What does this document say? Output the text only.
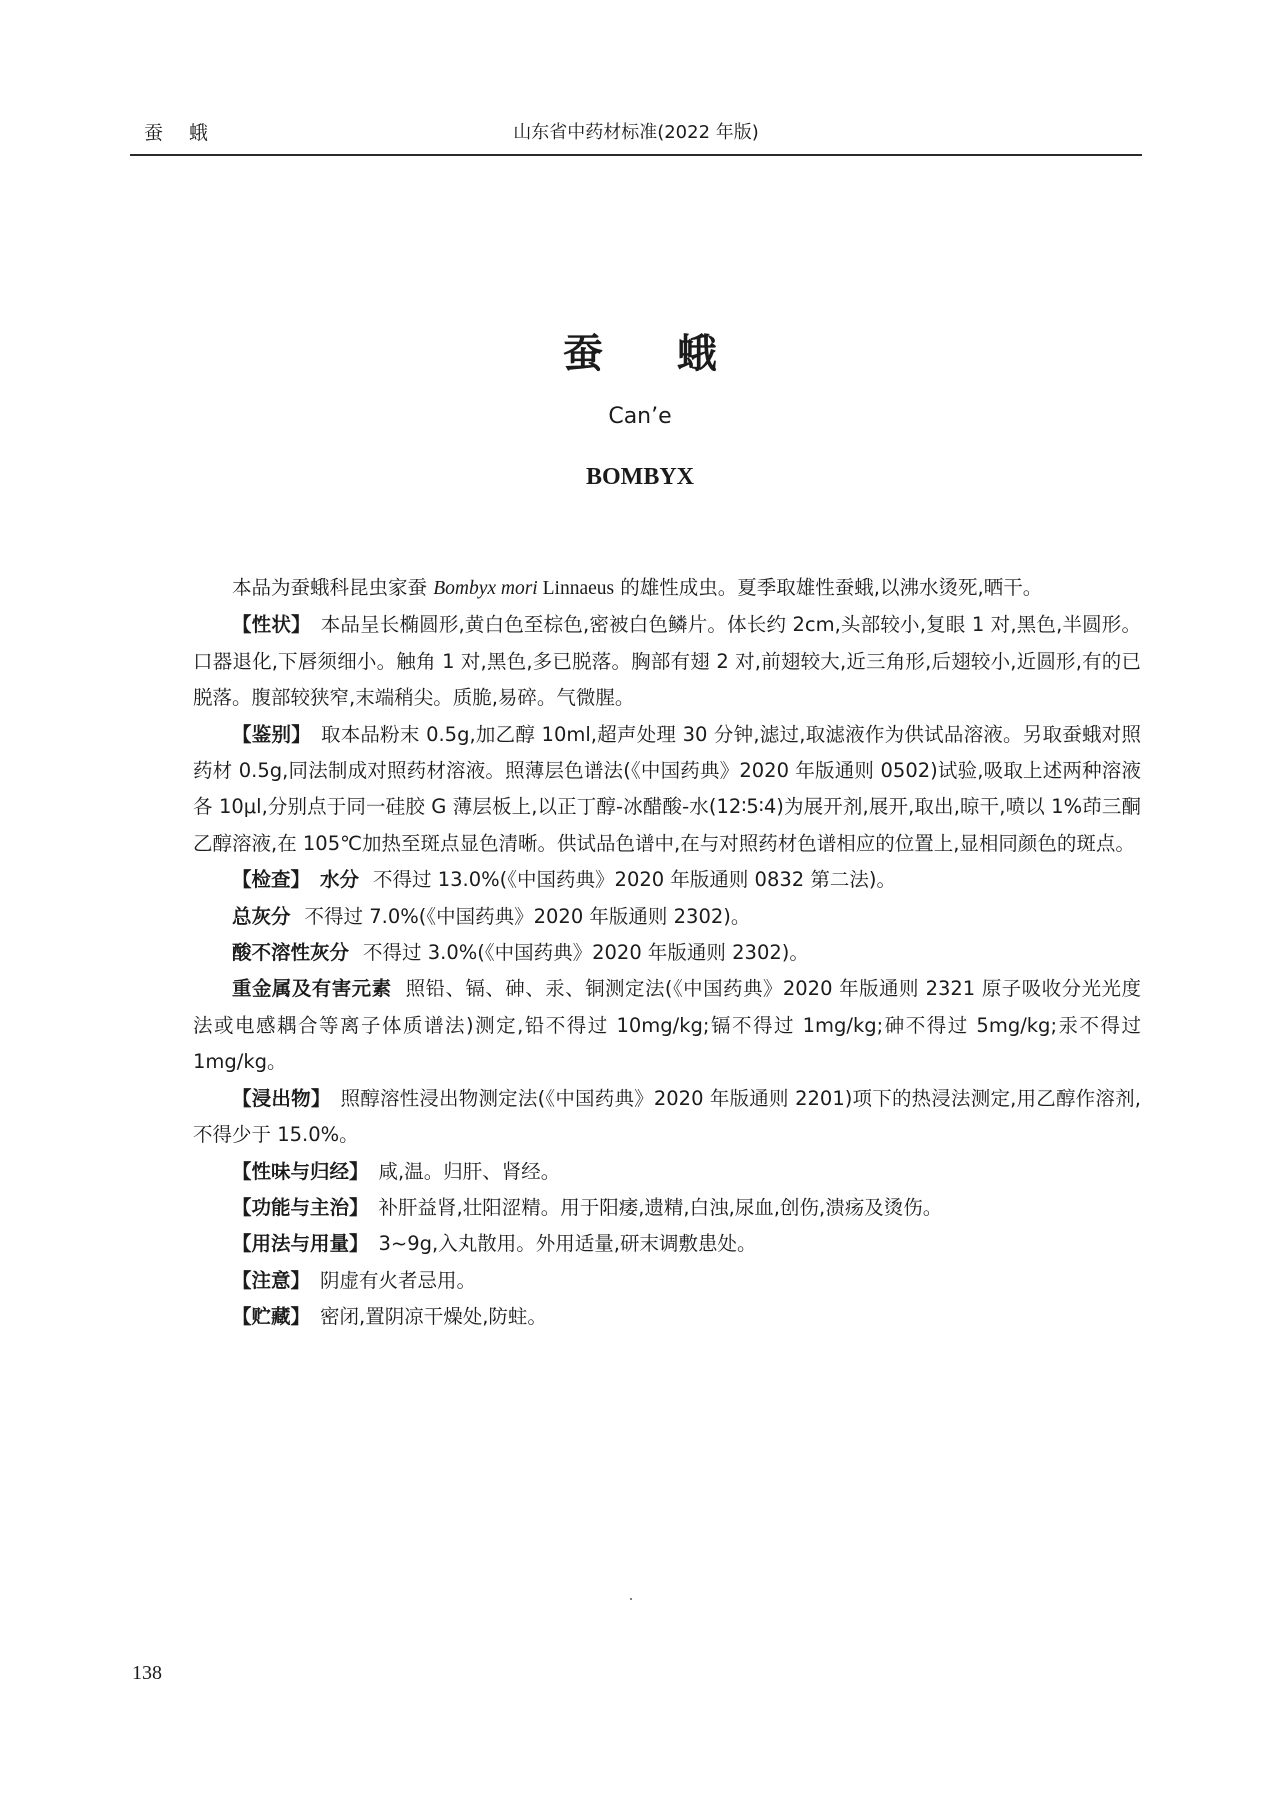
蚕 蛾	山东省中药材标准(2022 年版)
蚕 蛾
Can’e
BOMBYX

本品为蚕蛾科昆虫家蚕 Bombyx mori Linnaeus 的雄性成虫。夏季取雄性蚕蛾,以沸水烫死,晒干。

【性状】 本品呈长椭圆形,黄白色至棕色,密被白色鳞片。体长约 2cm,头部较小,复眼 1 对,黑色,半圆形。口器退化,下唇须细小。触角 1 对,黑色,多已脱落。胸部有翅 2 对,前翅较大,近三角形,后翅较小,近圆形,有的已脱落。腹部较狭窄,末端稍尖。质脆,易碎。气微腥。

【鉴别】 取本品粉末 0.5g,加乙醇 10ml,超声处理 30 分钟,滤过,取滤液作为供试品溶液。另取蚕蛾对照药材 0.5g,同法制成对照药材溶液。照薄层色谱法(《中国药典》2020 年版通则 0502)试验,吸取上述两种溶液各 10μl,分别点于同一硅胶 G 薄层板上,以正丁醇-冰醋酸-水(12∶5∶4)为展开剂,展开,取出,晾干,喷以 1%茚三酮乙醇溶液,在 105℃加热至斑点显色清晰。供试品色谱中,在与对照药材色谱相应的位置上,显相同颜色的斑点。

【检查】 水分 不得过 13.0%(《中国药典》2020 年版通则 0832 第二法)。

总灰分 不得过 7.0%(《中国药典》2020 年版通则 2302)。

酸不溶性灰分 不得过 3.0%(《中国药典》2020 年版通则 2302)。

重金属及有害元素 照铅、镉、砷、汞、铜测定法(《中国药典》2020 年版通则 2321 原子吸收分光光度法或电感耦合等离子体质谱法)测定,铅不得过 10mg/kg;镉不得过 1mg/kg;砷不得过 5mg/kg;汞不得过 1mg/kg。

【浸出物】 照醇溶性浸出物测定法(《中国药典》2020 年版通则 2201)项下的热浸法测定,用乙醇作溶剂,不得少于 15.0%。

【性味与归经】 咸,温。归肝、肾经。

【功能与主治】 补肝益肾,壮阳涩精。用于阳痿,遗精,白浊,尿血,创伤,溃疡及烫伤。

【用法与用量】 3~9g,入丸散用。外用适量,研末调敷患处。

【注意】 阴虚有火者忌用。

【贮藏】 密闭,置阴凉干燥处,防蛀。

138
